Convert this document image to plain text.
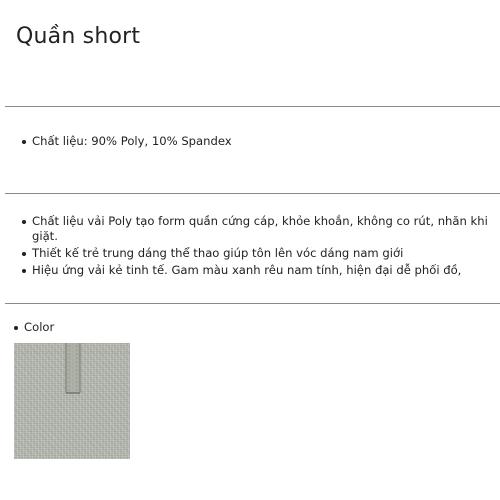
Quần short
Chất liệu: 90% Poly, 10% Spandex
Chất liệu vải Poly tạo form quần cứng cáp, khỏe khoắn, không co rút, nhăn khi giặt.
Thiết kế trẻ trung dáng thể thao giúp tôn lên vóc dáng nam giới
Hiệu ứng vải kẻ tinh tế. Gam màu xanh rêu nam tính, hiện đại dễ phối đồ,
Color
